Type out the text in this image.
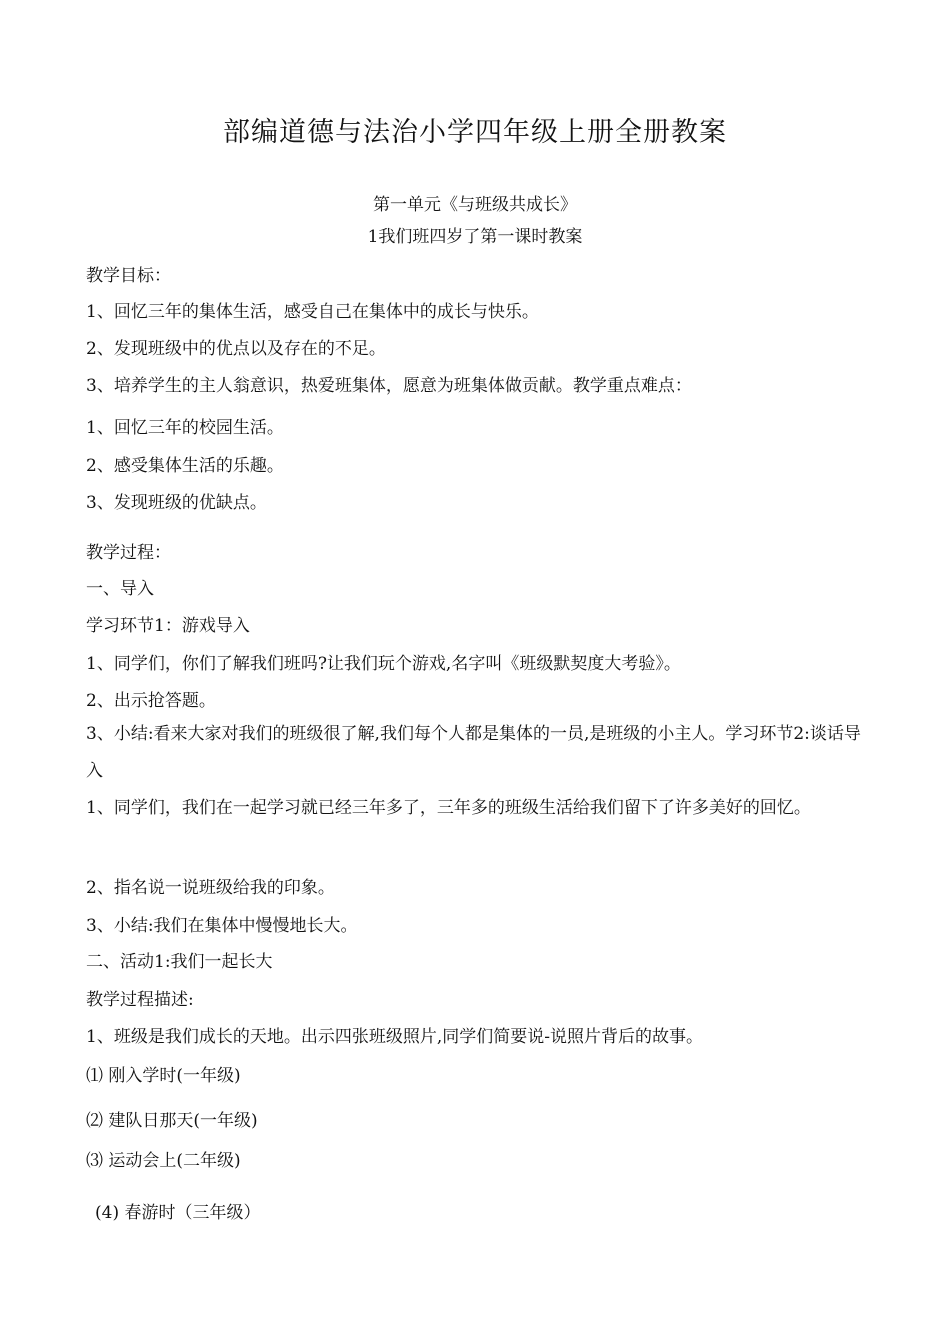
部编道德与法治小学四年级上册全册教案
第一单元《与班级共成长》
1我们班四岁了第一课时教案
教学目标：
1、回忆三年的集体生活，感受自己在集体中的成长与快乐。
2、发现班级中的优点以及存在的不足。
3、培养学生的主人翁意识，热爱班集体，愿意为班集体做贡献。教学重点难点：
1、回忆三年的校园生活。
2、感受集体生活的乐趣。
3、发现班级的优缺点。
教学过程：
一、导入
学习环节1：游戏导入
1、同学们，你们了解我们班吗?让我们玩个游戏,名字叫《班级默契度大考验》。
2、出示抢答题。
3、小结:看来大家对我们的班级很了解,我们每个人都是集体的一员,是班级的小主人。学习环节2:谈话导入
1、同学们，我们在一起学习就已经三年多了，三年多的班级生活给我们留下了许多美好的回忆。
2、指名说一说班级给我的印象。
3、小结:我们在集体中慢慢地长大。
二、活动1:我们一起长大
教学过程描述:
1、班级是我们成长的天地。出示四张班级照片,同学们简要说-说照片背后的故事。
⑴ 刚入学时(一年级)
⑵ 建队日那天(一年级)
⑶ 运动会上(二年级)
(4) 春游时（三年级）
